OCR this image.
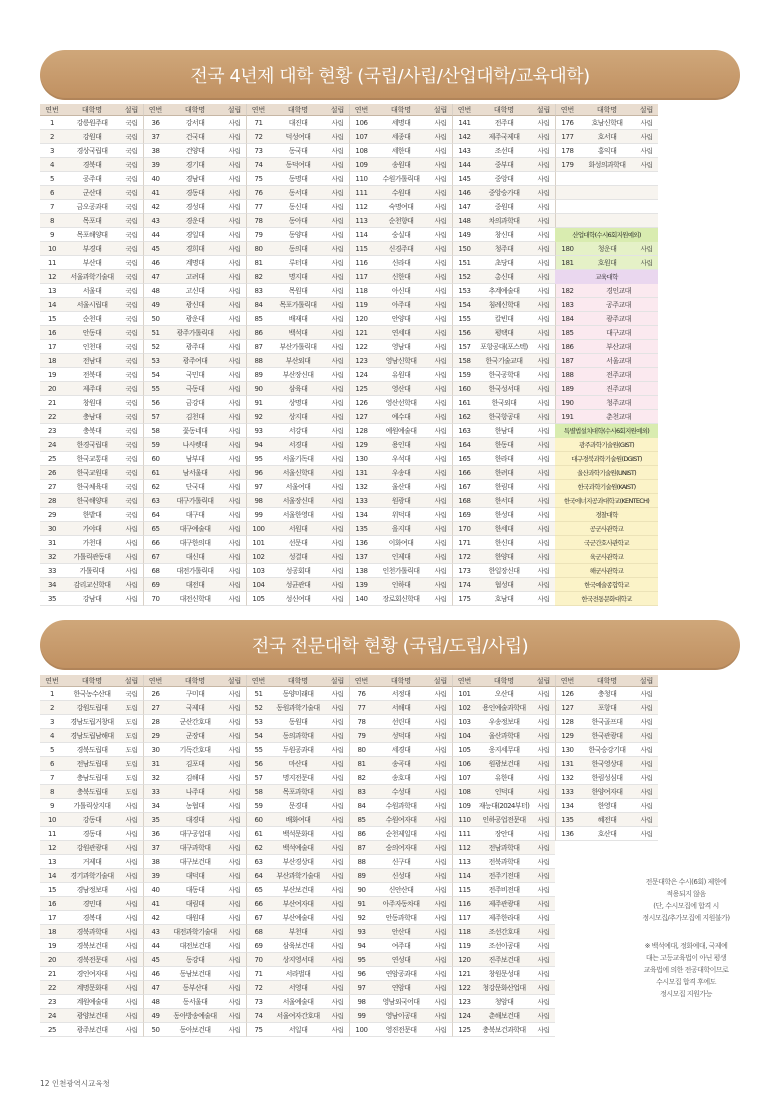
전국 4년제 대학 현황 (국립/사립/산업대학/교육대학)
연번	대학명	설립	연번	대학명	설립	연번	대학명	설립	연번	대학명	설립	연번	대학명	설립	연번	대학명	설립
1	강릉원주대	국립
2	강원대	국립
3	경상국립대	국립
4	경북대	국립
5	공주대	국립
6	군산대	국립
7	금오공과대	국립
8	목포대	국립
9	목포해양대	국립
10	부경대	국립
11	부산대	국립
12	서울과학기술대	국립
13	서울대	국립
14	서울시립대	국립
15	순천대	국립
16	안동대	국립
17	인천대	국립
18	전남대	국립
19	전북대	국립
20	제주대	국립
21	창원대	국립
22	충남대	국립
23	충북대	국립
24	한경국립대	국립
25	한국교통대	국립
26	한국교원대	국립
27	한국체육대	국립
28	한국해양대	국립
29	한밭대	국립
30	가야대	사립
31	가천대	사립
32	가톨릭관동대	사립
33	가톨릭대	사립
34	감리교신학대	사립
35	강남대	사립
36	강서대	사립
37	건국대	사립
38	건양대	사립
39	경기대	사립
40	경남대	사립
41	경동대	사립
42	경성대	사립
43	경운대	사립
44	경일대	사립
45	경희대	사립
46	계명대	사립
47	고려대	사립
48	고신대	사립
49	광신대	사립
50	광운대	사립
51	광주가톨릭대	사립
52	광주대	사립
53	광주여대	사립
54	국민대	사립
55	극동대	사립
56	금강대	사립
57	김천대	사립
58	꽃동네대	사립
59	나사렛대	사립
60	남부대	사립
61	남서울대	사립
62	단국대	사립
63	대구가톨릭대	사립
64	대구대	사립
65	대구예술대	사립
66	대구한의대	사립
67	대신대	사립
68	대전가톨릭대	사립
69	대전대	사립
70	대전신학대	사립
71	대진대	사립
72	덕성여대	사립
73	동국대	사립
74	동덕여대	사립
75	동명대	사립
76	동서대	사립
77	동신대	사립
78	동아대	사립
79	동양대	사립
80	동의대	사립
81	루터대	사립
82	명지대	사립
83	목원대	사립
84	목포가톨릭대	사립
85	배재대	사립
86	백석대	사립
87	부산가톨릭대	사립
88	부산외대	사립
89	부산장신대	사립
90	삼육대	사립
91	상명대	사립
92	상지대	사립
93	서강대	사립
94	서경대	사립
95	서울기독대	사립
96	서울신학대	사립
97	서울여대	사립
98	서울장신대	사립
99	서울한영대	사립
100	서원대	사립
101	선문대	사립
102	성결대	사립
103	성공회대	사립
104	성균관대	사립
105	성신여대	사립
106	세명대	사립
107	세종대	사립
108	세한대	사립
109	송원대	사립
110	수원가톨릭대	사립
111	수원대	사립
112	숙명여대	사립
113	순천향대	사립
114	숭실대	사립
115	신경주대	사립
116	신라대	사립
117	신한대	사립
118	아신대	사립
119	아주대	사립
120	안양대	사립
121	연세대	사립
122	영남대	사립
123	영남신학대	사립
124	유원대	사립
125	영산대	사립
126	영산선학대	사립
127	예수대	사립
128	예원예술대	사립
129	용인대	사립
130	우석대	사립
131	우송대	사립
132	울산대	사립
133	원광대	사립
134	위덕대	사립
135	을지대	사립
136	이화여대	사립
137	인제대	사립
138	인천가톨릭대	사립
139	인하대	사립
140	장로회신학대	사립
141	전주대	사립
142	제주국제대	사립
143	조선대	사립
144	중부대	사립
145	중앙대	사립
146	중앙승가대	사립
147	중원대	사립
148	차의과학대	사립
149	창신대	사립
150	청주대	사립
151	초당대	사립
152	총신대	사립
153	추계예술대	사립
154	침례신학대	사립
155	칼빈대	사립
156	평택대	사립
157	포항공대(포스텍)	사립
158	한국기술교대	사립
159	한국공학대	사립
160	한국성서대	사립
161	한국외대	사립
162	한국항공대	사립
163	한남대	사립
164	한동대	사립
165	한라대	사립
166	한려대	사립
167	한림대	사립
168	한서대	사립
169	한성대	사립
170	한세대	사립
171	한신대	사립
172	한양대	사립
173	한일장신대	사립
174	협성대	사립
175	호남대	사립
176	호남신학대	사립
177	호서대	사립
178	홍익대	사립
179	화성의과학대	사립
산업대학(수시6회지원예외)
180	청운대	사립
181	호원대	사립
교육대학
182	경인교대
183	공주교대
184	광주교대
185	대구교대
186	부산교대
187	서울교대
188	전주교대
189	진주교대
190	청주교대
191	춘천교대
특별법설치대학(수시6회지원예외)
광주과학기술원(GIST)
대구경북과학기술원(DGIST)
울산과학기술원(UNIST)
한국과학기술원(KAIST)
한국에너지공과대학교(KENTECH)
경찰대학
공군사관학교
국군간호사관학교
육군사관학교
해군사관학교
한국예술종합학교
한국전통문화대학교
전국 전문대학 현황 (국립/도립/사립)
연번	대학명	설립	연번	대학명	설립	연번	대학명	설립	연번	대학명	설립	연번	대학명	설립	연번	대학명	설립
1	한국농수산대	국립
2	강원도립대	도립
3	경남도립거창대	도립
4	경남도립남해대	도립
5	경북도립대	도립
6	전남도립대	도립
7	충남도립대	도립
8	충북도립대	도립
9	가톨릭상지대	사립
10	강동대	사립
11	경동대	사립
12	강원관광대	사립
13	거제대	사립
14	경기과학기술대	사립
15	경남정보대	사립
16	경민대	사립
17	경복대	사립
18	경북과학대	사립
19	경북보건대	사립
20	경북전문대	사립
21	경인여자대	사립
22	계명문화대	사립
23	계원예술대	사립
24	광양보건대	사립
25	광주보건대	사립
26	구미대	사립
27	국제대	사립
28	군산간호대	사립
29	군장대	사립
30	기독간호대	사립
31	김포대	사립
32	김해대	사립
33	나주대	사립
34	농협대	사립
35	대경대	사립
36	대구공업대	사립
37	대구과학대	사립
38	대구보건대	사립
39	대덕대	사립
40	대동대	사립
41	대림대	사립
42	대원대	사립
43	대전과학기술대	사립
44	대전보건대	사립
45	동강대	사립
46	동남보건대	사립
47	동부산대	사립
48	동서울대	사립
49	동아방송예술대	사립
50	동아보건대	사립
51	동양미래대	사립
52	동원과학기술대	사립
53	동원대	사립
54	동의과학대	사립
55	두원공과대	사립
56	마산대	사립
57	명지전문대	사립
58	목포과학대	사립
59	문경대	사립
60	배화여대	사립
61	백석문화대	사립
62	백석예술대	사립
63	부산경상대	사립
64	부산과학기술대	사립
65	부산보건대	사립
66	부산여자대	사립
67	부산예술대	사립
68	부천대	사립
69	삼육보건대	사립
70	상지영서대	사립
71	서라벌대	사립
72	서영대	사립
73	서울예술대	사립
74	서울여자간호대	사립
75	서일대	사립
76	서정대	사립
77	서해대	사립
78	선린대	사립
79	성덕대	사립
80	세경대	사립
81	송곡대	사립
82	송호대	사립
83	수성대	사립
84	수원과학대	사립
85	수원여자대	사립
86	순천제일대	사립
87	숭의여자대	사립
88	신구대	사립
89	신성대	사립
90	신안산대	사립
91	아주자동차대	사립
92	안동과학대	사립
93	안산대	사립
94	여주대	사립
95	연성대	사립
96	연암공과대	사립
97	연암대	사립
98	영남외국어대	사립
99	영남이공대	사립
100	영진전문대	사립
101	오산대	사립
102	용인예술과학대	사립
103	우송정보대	사립
104	울산과학대	사립
105	웅지세무대	사립
106	원광보건대	사립
107	유한대	사립
108	인덕대	사립
109	재능대(2024부터)	사립
110	인하공업전문대	사립
111	장안대	사립
112	전남과학대	사립
113	전북과학대	사립
114	전주기전대	사립
115	전주비전대	사립
116	제주관광대	사립
117	제주한라대	사립
118	조선간호대	사립
119	조선이공대	사립
120	진주보건대	사립
121	창원문성대	사립
122	청강문화산업대	사립
123	청암대	사립
124	춘해보건대	사립
125	충북보건과학대	사립
126	충청대	사립
127	포항대	사립
128	한국골프대	사립
129	한국관광대	사립
130	한국승강기대	사립
131	한국영상대	사립
132	한림성심대	사립
133	한양여자대	사립
134	한영대	사립
135	혜전대	사립
136	호산대	사립
전문대학은 수시(6회) 제한에
적용되지 않음
(단, 수시모집에 합격 시
정시모집/추가모집에 지원불가)
※ 백석예대, 정화예대, 국제예
대는 고등교육법이 아닌 평생
교육법에 의한 전공대학이므로
수시모집 합격 후에도
정시모집 지원가능
12 인천광역시교육청
